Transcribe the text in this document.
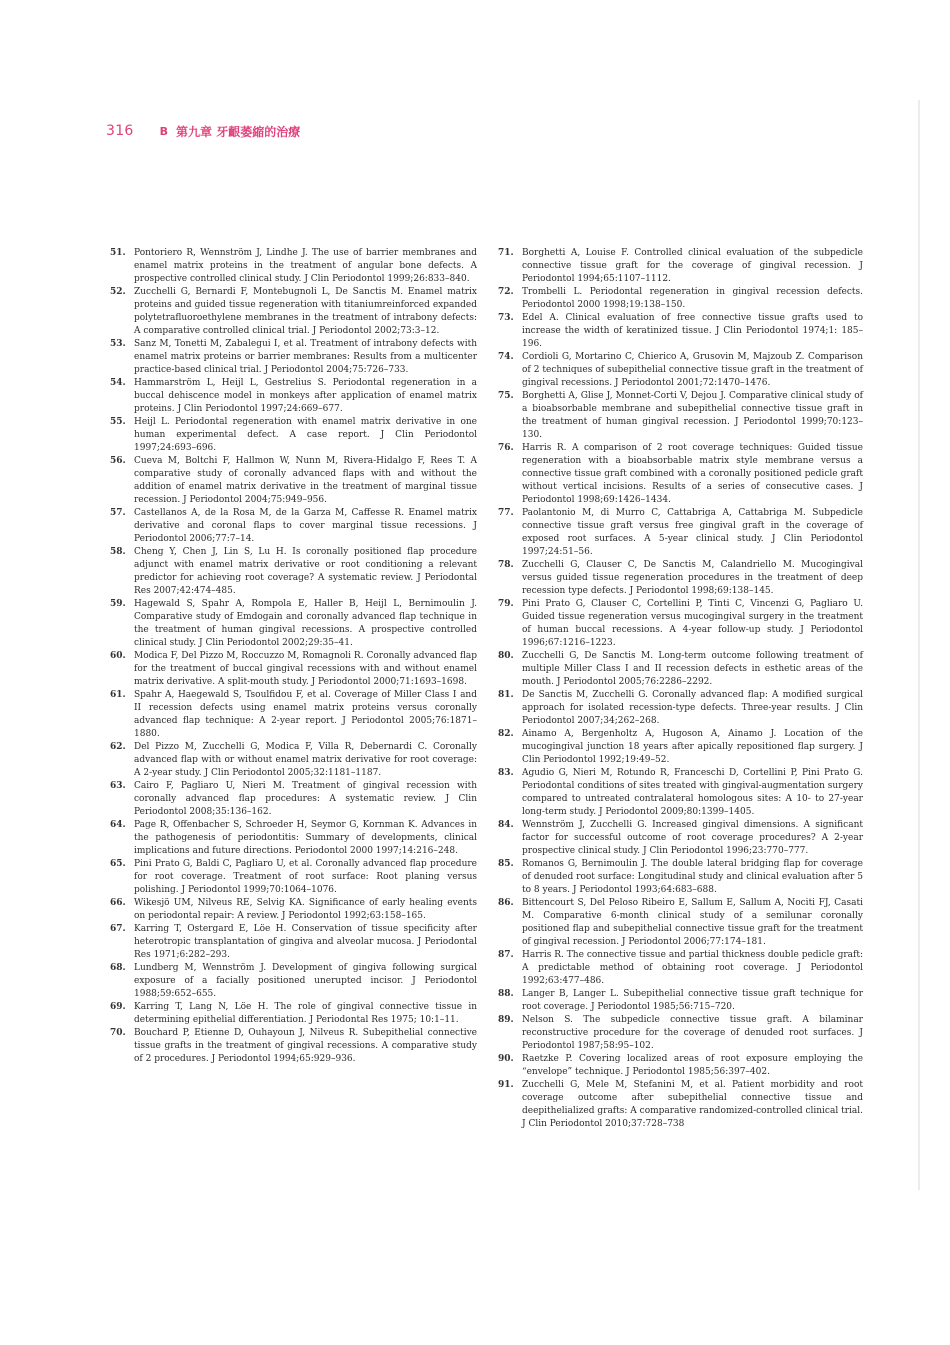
316 B 第九章 牙齦萎縮的治療
51. Pontoriero R, Wennström J, Lindhe J. The use of barrier membranes and enamel matrix proteins in the treatment of angular bone defects. A prospective controlled clinical study. J Clin Periodontol 1999;26:833–840.
52. Zucchelli G, Bernardi F, Montebugnoli L, De Sanctis M. Enamel matrix proteins and guided tissue regeneration with titaniumreinforced expanded polytetrafluoroethylene membranes in the treatment of intrabony defects: A comparative controlled clinical trial. J Periodontol 2002;73:3–12.
53. Sanz M, Tonetti M, Zabalegui I, et al. Treatment of intrabony defects with enamel matrix proteins or barrier membranes: Results from a multicenter practice-based clinical trial. J Periodontol 2004;75:726–733.
54. Hammarström L, Heijl L, Gestrelius S. Periodontal regeneration in a buccal dehiscence model in monkeys after application of enamel matrix proteins. J Clin Periodontol 1997;24:669–677.
55. Heijl L. Periodontal regeneration with enamel matrix derivative in one human experimental defect. A case report. J Clin Periodontol 1997;24:693–696.
56. Cueva M, Boltchi F, Hallmon W, Nunn M, Rivera-Hidalgo F, Rees T. A comparative study of coronally advanced flaps with and without the addition of enamel matrix derivative in the treatment of marginal tissue recession. J Periodontol 2004;75:949–956.
57. Castellanos A, de la Rosa M, de la Garza M, Caffesse R. Enamel matrix derivative and coronal flaps to cover marginal tissue recessions. J Periodontol 2006;77:7–14.
58. Cheng Y, Chen J, Lin S, Lu H. Is coronally positioned flap procedure adjunct with enamel matrix derivative or root conditioning a relevant predictor for achieving root coverage? A systematic review. J Periodontal Res 2007;42:474–485.
59. Hagewald S, Spahr A, Rompola E, Haller B, Heijl L, Bernimoulin J. Comparative study of Emdogain and coronally advanced flap technique in the treatment of human gingival recessions. A prospective controlled clinical study. J Clin Periodontol 2002;29:35–41.
60. Modica F, Del Pizzo M, Roccuzzo M, Romagnoli R. Coronally advanced flap for the treatment of buccal gingival recessions with and without enamel matrix derivative. A split-mouth study. J Periodontol 2000;71:1693–1698.
61. Spahr A, Haegewald S, Tsoulfidou F, et al. Coverage of Miller Class I and II recession defects using enamel matrix proteins versus coronally advanced flap technique: A 2-year report. J Periodontol 2005;76:1871–1880.
62. Del Pizzo M, Zucchelli G, Modica F, Villa R, Debernardi C. Coronally advanced flap with or without enamel matrix derivative for root coverage: A 2-year study. J Clin Periodontol 2005;32:1181–1187.
63. Cairo F, Pagliaro U, Nieri M. Treatment of gingival recession with coronally advanced flap procedures: A systematic review. J Clin Periodontol 2008;35:136–162.
64. Page R, Offenbacher S, Schroeder H, Seymor G, Kornman K. Advances in the pathogenesis of periodontitis: Summary of developments, clinical implications and future directions. Periodontol 2000 1997;14:216–248.
65. Pini Prato G, Baldi C, Pagliaro U, et al. Coronally advanced flap procedure for root coverage. Treatment of root surface: Root planing versus polishing. J Periodontol 1999;70:1064–1076.
66. Wikesjö UM, Nilveus RE, Selvig KA. Significance of early healing events on periodontal repair: A review. J Periodontol 1992;63:158–165.
67. Karring T, Ostergard E, Löe H. Conservation of tissue specificity after heterotropic transplantation of gingiva and alveolar mucosa. J Periodontal Res 1971;6:282–293.
68. Lundberg M, Wennström J. Development of gingiva following surgical exposure of a facially positioned unerupted incisor. J Periodontol 1988;59:652–655.
69. Karring T, Lang N, Löe H. The role of gingival connective tissue in determining epithelial differentiation. J Periodontal Res 1975; 10:1–11.
70. Bouchard P, Etienne D, Ouhayoun J, Nilveus R. Subepithelial connective tissue grafts in the treatment of gingival recessions. A comparative study of 2 procedures. J Periodontol 1994;65:929–936.
71. Borghetti A, Louise F. Controlled clinical evaluation of the subpedicle connective tissue graft for the coverage of gingival recession. J Periodontol 1994;65:1107–1112.
72. Trombelli L. Periodontal regeneration in gingival recession defects. Periodontol 2000 1998;19:138–150.
73. Edel A. Clinical evaluation of free connective tissue grafts used to increase the width of keratinized tissue. J Clin Periodontol 1974;1: 185–196.
74. Cordioli G, Mortarino C, Chierico A, Grusovin M, Majzoub Z. Comparison of 2 techniques of subepithelial connective tissue graft in the treatment of gingival recessions. J Periodontol 2001;72:1470–1476.
75. Borghetti A, Glise J, Monnet-Corti V, Dejou J. Comparative clinical study of a bioabsorbable membrane and subepithelial connective tissue graft in the treatment of human gingival recession. J Periodontol 1999;70:123–130.
76. Harris R. A comparison of 2 root coverage techniques: Guided tissue regeneration with a bioabsorbable matrix style membrane versus a connective tissue graft combined with a coronally positioned pedicle graft without vertical incisions. Results of a series of consecutive cases. J Periodontol 1998;69:1426–1434.
77. Paolantonio M, di Murro C, Cattabriga A, Cattabriga M. Subpedicle connective tissue graft versus free gingival graft in the coverage of exposed root surfaces. A 5-year clinical study. J Clin Periodontol 1997;24:51–56.
78. Zucchelli G, Clauser C, De Sanctis M, Calandriello M. Mucogingival versus guided tissue regeneration procedures in the treatment of deep recession type defects. J Periodontol 1998;69:138–145.
79. Pini Prato G, Clauser C, Cortellini P, Tinti C, Vincenzi G, Pagliaro U. Guided tissue regeneration versus mucogingival surgery in the treatment of human buccal recessions. A 4-year follow-up study. J Periodontol 1996;67:1216–1223.
80. Zucchelli G, De Sanctis M. Long-term outcome following treatment of multiple Miller Class I and II recession defects in esthetic areas of the mouth. J Periodontol 2005;76:2286–2292.
81. De Sanctis M, Zucchelli G. Coronally advanced flap: A modified surgical approach for isolated recession-type defects. Three-year results. J Clin Periodontol 2007;34;262–268.
82. Ainamo A, Bergenholtz A, Hugoson A, Ainamo J. Location of the mucogingival junction 18 years after apically repositioned flap surgery. J Clin Periodontol 1992;19:49–52.
83. Agudio G, Nieri M, Rotundo R, Franceschi D, Cortellini P, Pini Prato G. Periodontal conditions of sites treated with gingival-augmentation surgery compared to untreated contralateral homologous sites: A 10- to 27-year long-term study. J Periodontol 2009;80:1399–1405.
84. Wennström J, Zucchelli G. Increased gingival dimensions. A significant factor for successful outcome of root coverage procedures? A 2-year prospective clinical study. J Clin Periodontol 1996;23:770–777.
85. Romanos G, Bernimoulin J. The double lateral bridging flap for coverage of denuded root surface: Longitudinal study and clinical evaluation after 5 to 8 years. J Periodontol 1993;64:683–688.
86. Bittencourt S, Del Peloso Ribeiro E, Sallum E, Sallum A, Nociti FJ, Casati M. Comparative 6-month clinical study of a semilunar coronally positioned flap and subepithelial connective tissue graft for the treatment of gingival recession. J Periodontol 2006;77:174–181.
87. Harris R. The connective tissue and partial thickness double pedicle graft: A predictable method of obtaining root coverage. J Periodontol 1992;63:477–486.
88. Langer B, Langer L. Subepithelial connective tissue graft technique for root coverage. J Periodontol 1985;56:715–720.
89. Nelson S. The subpedicle connective tissue graft. A bilaminar reconstructive procedure for the coverage of denuded root surfaces. J Periodontol 1987;58:95–102.
90. Raetzke P. Covering localized areas of root exposure employing the “envelope” technique. J Periodontol 1985;56:397–402.
91. Zucchelli G, Mele M, Stefanini M, et al. Patient morbidity and root coverage outcome after subepithelial connective tissue and deepithelialized grafts: A comparative randomized-controlled clinical trial. J Clin Periodontol 2010;37:728–738
